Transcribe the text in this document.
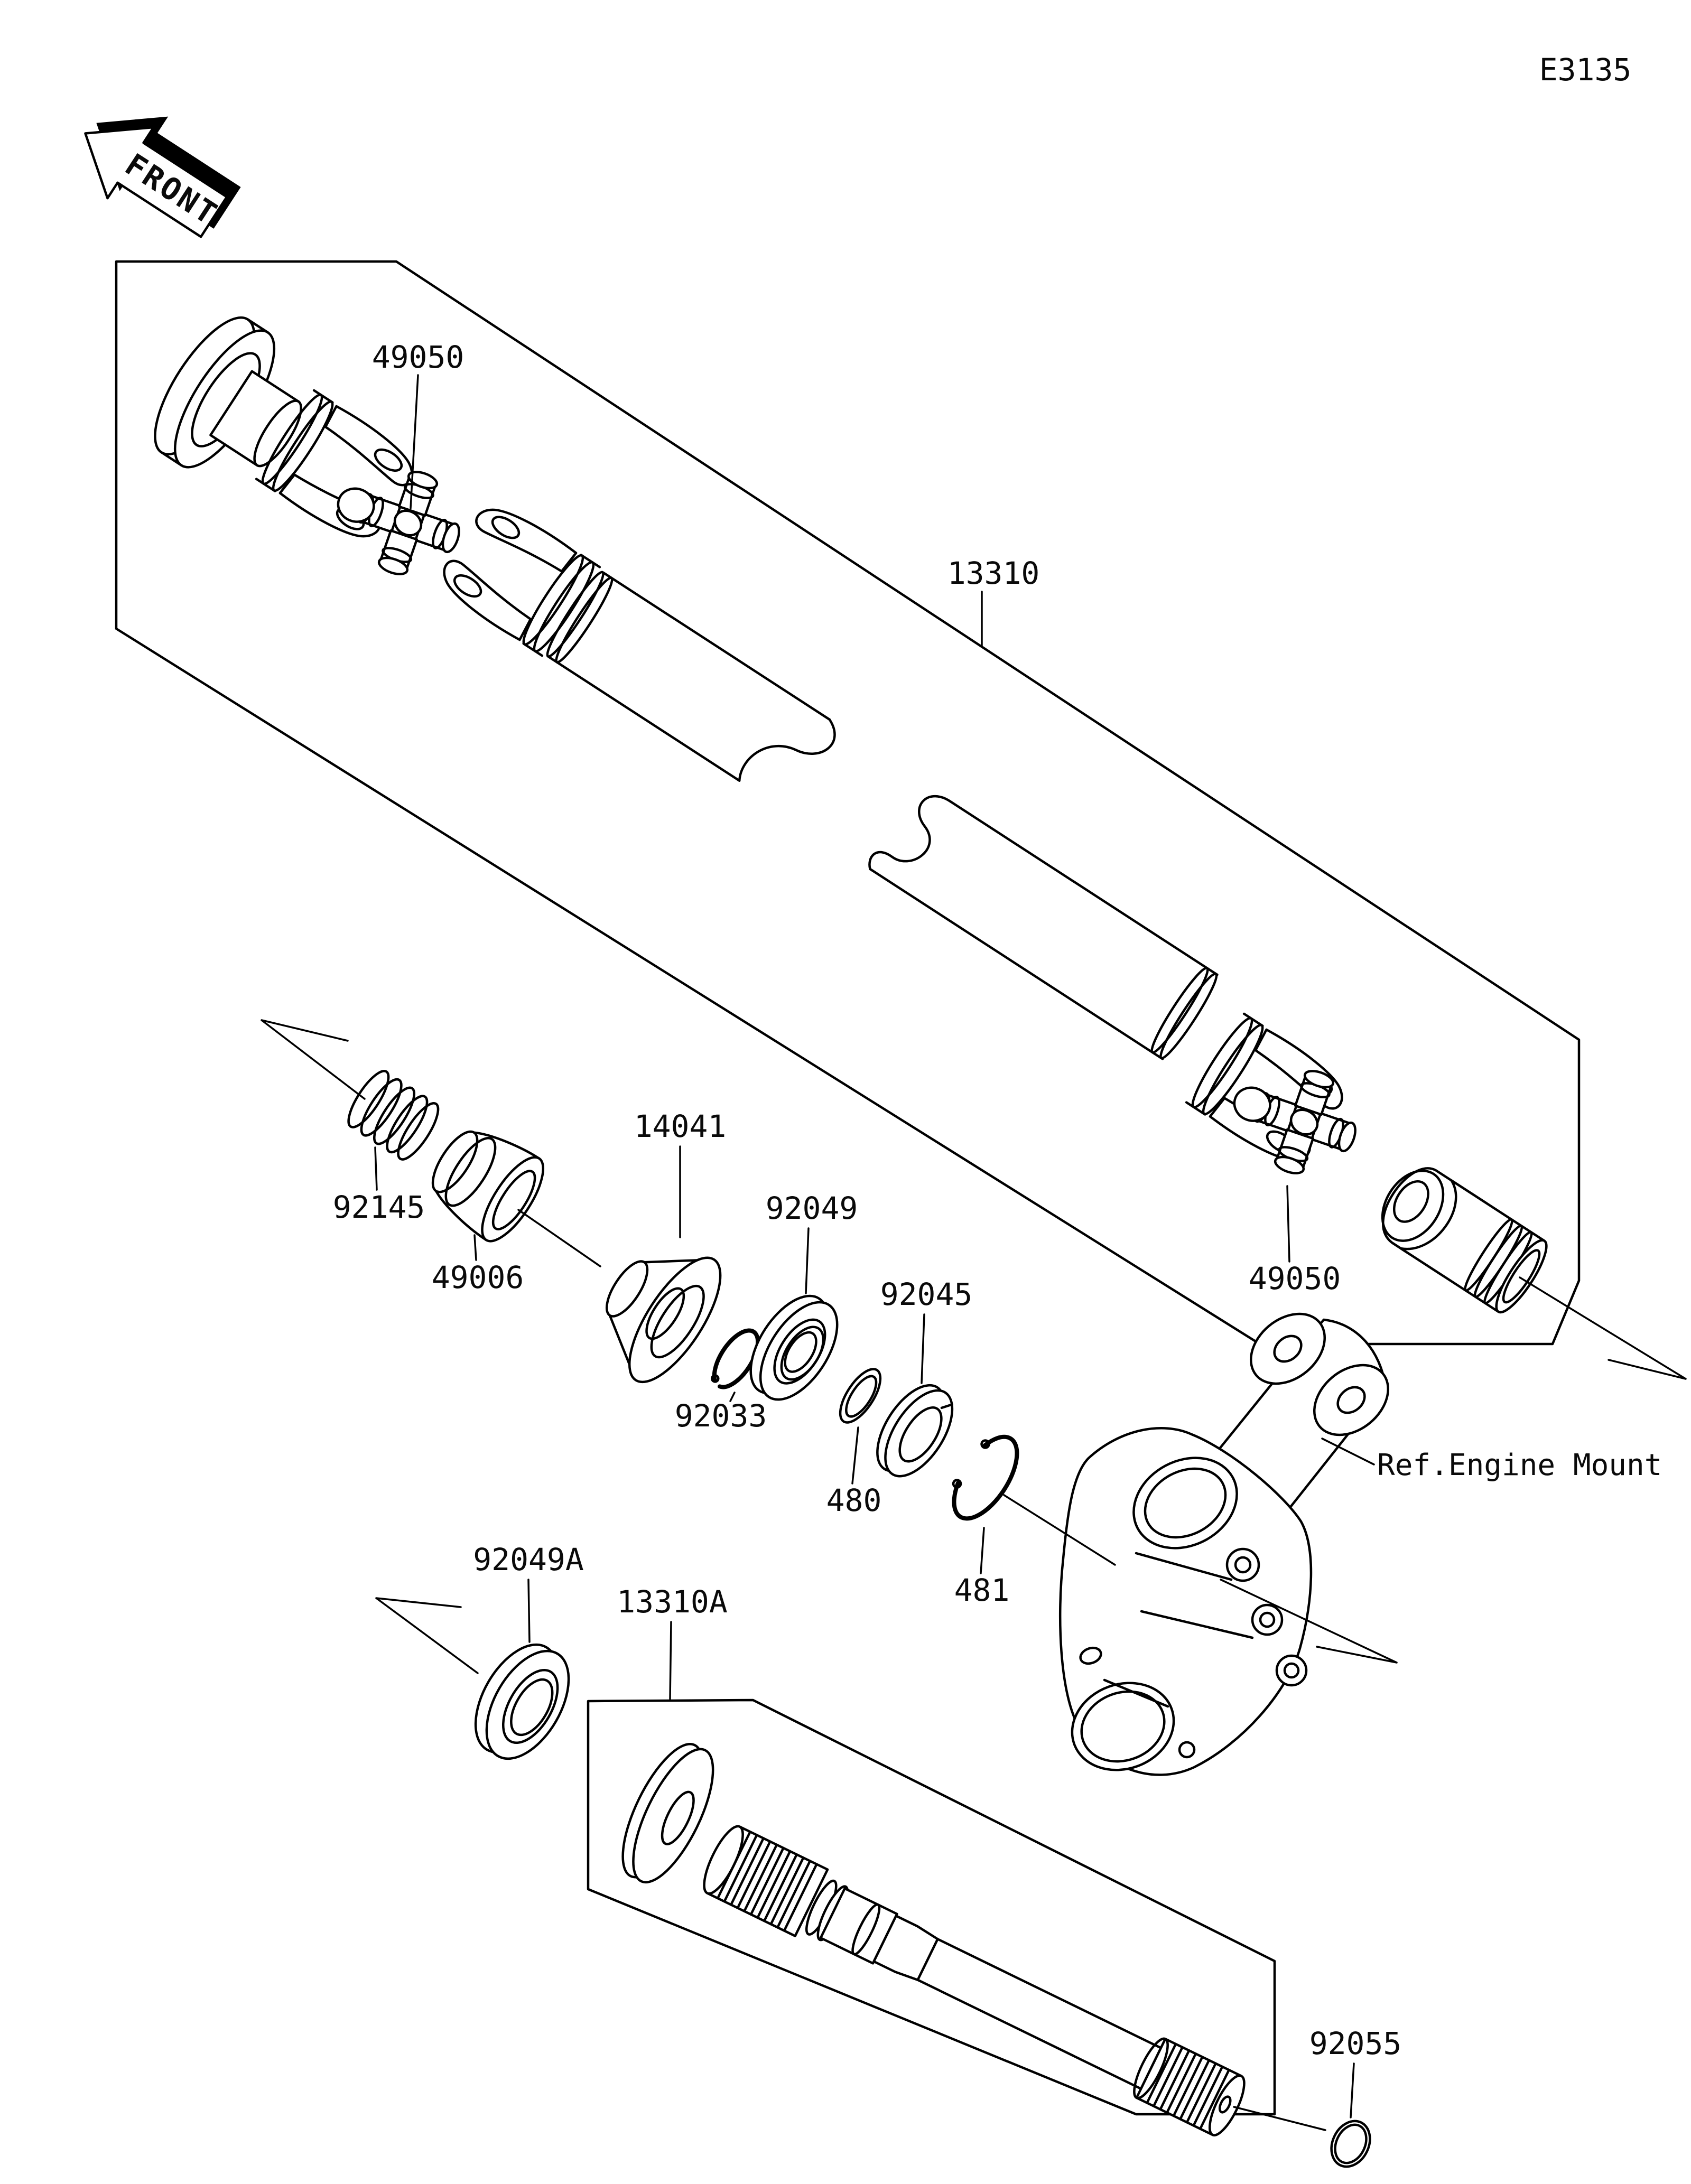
FRONT
E3135
49050
13310
92145
49006
14041
92049
92033
480
92045
481
49050
Ref.Engine Mount
92049A
13310A
92055
